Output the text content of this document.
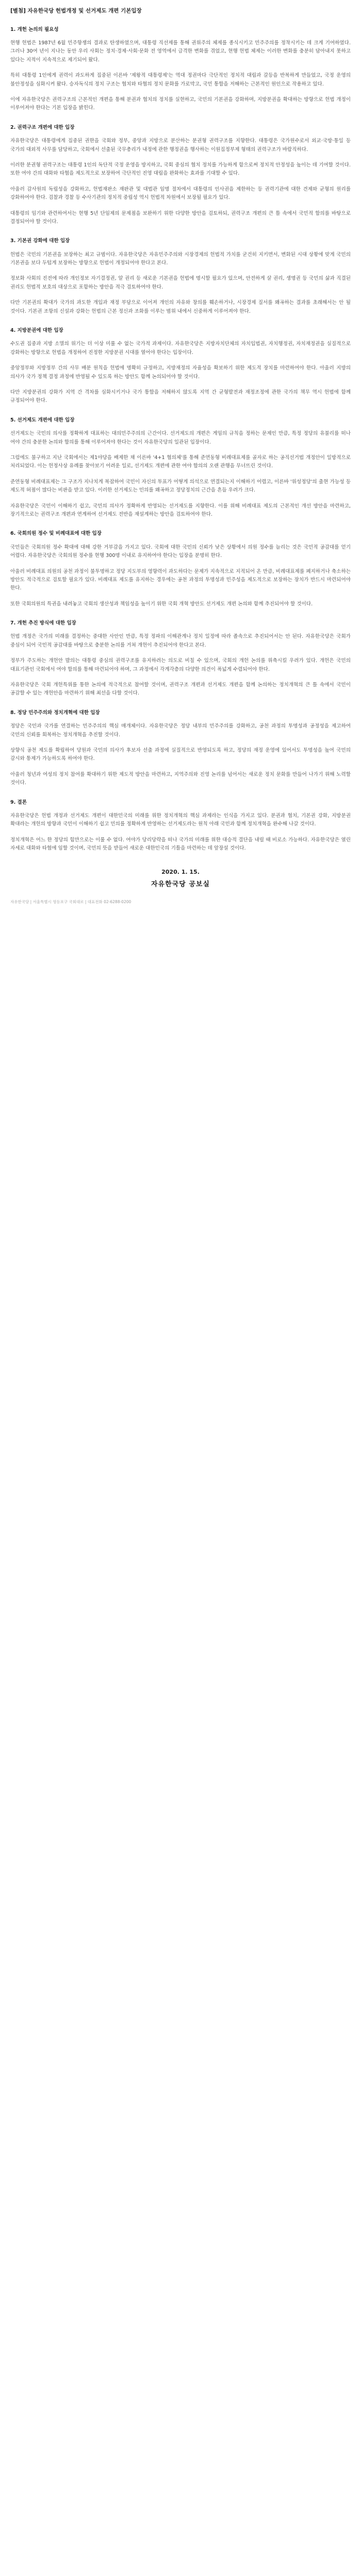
[별첨] 자유한국당 헌법개정 및 선거제도 개편 기본입장
1. 개헌 논의의 필요성

현행 헌법은 1987년 6월 민주항쟁의 결과로 탄생하였으며, 대통령 직선제를 통해 권위주의 체제를 종식시키고 민주주의를 정착시키는 데 크게 기여하였다. 그러나 30여 년이 지나는 동안 우리 사회는 정치·경제·사회·문화 전 영역에서 급격한 변화를 겪었고, 현행 헌법 체제는 이러한 변화를 충분히 담아내지 못하고 있다는 지적이 지속적으로 제기되어 왔다.

특히 대통령 1인에게 권력이 과도하게 집중된 이른바 '제왕적 대통령제'는 역대 정권마다 극단적인 정치적 대립과 갈등을 반복하게 만들었고, 국정 운영의 불안정성을 심화시켜 왔다. 승자독식의 정치 구조는 협치와 타협의 정치 문화를 가로막고, 국민 통합을 저해하는 근본적인 원인으로 작용하고 있다.

이에 자유한국당은 권력구조의 근본적인 개편을 통해 분권과 협치의 정치를 실현하고, 국민의 기본권을 강화하며, 지방분권을 확대하는 방향으로 헌법 개정이 이루어져야 한다는 기본 입장을 밝힌다.

2. 권력구조 개편에 대한 입장

자유한국당은 대통령에게 집중된 권한을 국회와 정부, 중앙과 지방으로 분산하는 분권형 권력구조를 지향한다. 대통령은 국가원수로서 외교·국방·통일 등 국가의 대외적 사무를 담당하고, 국회에서 선출된 국무총리가 내정에 관한 행정권을 행사하는 이원집정부제 형태의 권력구조가 바람직하다.

이러한 분권형 권력구조는 대통령 1인의 독단적 국정 운영을 방지하고, 국회 중심의 협치 정치를 가능하게 함으로써 정치적 안정성을 높이는 데 기여할 것이다. 또한 여야 간의 대화와 타협을 제도적으로 보장하여 극단적인 진영 대립을 완화하는 효과를 기대할 수 있다.

아울러 감사원의 독립성을 강화하고, 헌법재판소 재판관 및 대법관 임명 절차에서 대통령의 인사권을 제한하는 등 권력기관에 대한 견제와 균형의 원리를 강화하여야 한다. 검찰과 경찰 등 수사기관의 정치적 중립성 역시 헌법적 차원에서 보장될 필요가 있다.

대통령의 임기와 관련하여서는 현행 5년 단임제의 문제점을 보완하기 위한 다양한 방안을 검토하되, 권력구조 개편의 큰 틀 속에서 국민적 합의를 바탕으로 결정되어야 할 것이다.

3. 기본권 강화에 대한 입장

헌법은 국민의 기본권을 보장하는 최고 규범이다. 자유한국당은 자유민주주의와 시장경제의 헌법적 가치를 굳건히 지키면서, 변화된 시대 상황에 맞게 국민의 기본권을 보다 두텁게 보장하는 방향으로 헌법이 개정되어야 한다고 본다.

정보화 사회의 진전에 따라 개인정보 자기결정권, 알 권리 등 새로운 기본권을 헌법에 명시할 필요가 있으며, 안전하게 살 권리, 생명권 등 국민의 삶과 직결된 권리도 헌법적 보호의 대상으로 포함하는 방안을 적극 검토하여야 한다.

다만 기본권의 확대가 국가의 과도한 개입과 재정 부담으로 이어져 개인의 자유와 창의를 훼손하거나, 시장경제 질서를 왜곡하는 결과를 초래해서는 안 될 것이다. 기본권 조항의 신설과 강화는 헌법의 근본 정신과 조화를 이루는 범위 내에서 신중하게 이루어져야 한다.

4. 지방분권에 대한 입장

수도권 집중과 지방 소멸의 위기는 더 이상 미룰 수 없는 국가적 과제이다. 자유한국당은 지방자치단체의 자치입법권, 자치행정권, 자치재정권을 실질적으로 강화하는 방향으로 헌법을 개정하여 진정한 지방분권 시대를 열어야 한다는 입장이다.

중앙정부와 지방정부 간의 사무 배분 원칙을 헌법에 명확히 규정하고, 지방재정의 자율성을 확보하기 위한 제도적 장치를 마련하여야 한다. 아울러 지방의 의사가 국가 정책 결정 과정에 반영될 수 있도록 하는 방안도 함께 논의되어야 할 것이다.

다만 지방분권의 강화가 지역 간 격차를 심화시키거나 국가 통합을 저해하지 않도록 지역 간 균형발전과 재정조정에 관한 국가의 책무 역시 헌법에 함께 규정되어야 한다.

5. 선거제도 개편에 대한 입장

선거제도는 국민의 의사를 정확하게 대표하는 대의민주주의의 근간이다. 선거제도의 개편은 게임의 규칙을 정하는 문제인 만큼, 특정 정당의 유불리를 떠나 여야 간의 충분한 논의와 합의를 통해 이루어져야 한다는 것이 자유한국당의 일관된 입장이다.

그럼에도 불구하고 지난 국회에서는 제1야당을 배제한 채 이른바 '4+1 협의체'를 통해 준연동형 비례대표제를 골자로 하는 공직선거법 개정안이 일방적으로 처리되었다. 이는 헌정사상 유례를 찾아보기 어려운 일로, 선거제도 개편에 관한 여야 합의의 오랜 관행을 무너뜨린 것이다.

준연동형 비례대표제는 그 구조가 지나치게 복잡하여 국민이 자신의 투표가 어떻게 의석으로 연결되는지 이해하기 어렵고, 이른바 '위성정당'의 출현 가능성 등 제도적 허점이 많다는 비판을 받고 있다. 이러한 선거제도는 민의를 왜곡하고 정당정치의 근간을 흔들 우려가 크다.

자유한국당은 국민이 이해하기 쉽고, 국민의 의사가 정확하게 반영되는 선거제도를 지향한다. 이를 위해 비례대표 제도의 근본적인 개선 방안을 마련하고, 장기적으로는 권력구조 개편과 연계하여 선거제도 전반을 재설계하는 방안을 검토하여야 한다.

6. 국회의원 정수 및 비례대표에 대한 입장

국민들은 국회의원 정수 확대에 대해 강한 거부감을 가지고 있다. 국회에 대한 국민의 신뢰가 낮은 상황에서 의원 정수를 늘리는 것은 국민적 공감대를 얻기 어렵다. 자유한국당은 국회의원 정수를 현행 300명 이내로 유지하여야 한다는 입장을 분명히 한다.

아울러 비례대표 의원의 공천 과정이 불투명하고 정당 지도부의 영향력이 과도하다는 문제가 지속적으로 지적되어 온 만큼, 비례대표제를 폐지하거나 축소하는 방안도 적극적으로 검토할 필요가 있다. 비례대표 제도를 유지하는 경우에는 공천 과정의 투명성과 민주성을 제도적으로 보장하는 장치가 반드시 마련되어야 한다.

또한 국회의원의 특권을 내려놓고 국회의 생산성과 책임성을 높이기 위한 국회 개혁 방안도 선거제도 개편 논의와 함께 추진되어야 할 것이다.

7. 개헌 추진 방식에 대한 입장

헌법 개정은 국가의 미래를 결정하는 중대한 사안인 만큼, 특정 정파의 이해관계나 정치 일정에 따라 졸속으로 추진되어서는 안 된다. 자유한국당은 국회가 중심이 되어 국민적 공감대를 바탕으로 충분한 논의를 거쳐 개헌이 추진되어야 한다고 본다.

정부가 주도하는 개헌안 발의는 대통령 중심의 권력구조를 유지하려는 의도로 비칠 수 있으며, 국회의 개헌 논의를 위축시킬 우려가 있다. 개헌은 국민의 대표기관인 국회에서 여야 합의를 통해 마련되어야 하며, 그 과정에서 각계각층의 다양한 의견이 폭넓게 수렴되어야 한다.

자유한국당은 국회 개헌특위를 통한 논의에 적극적으로 참여할 것이며, 권력구조 개편과 선거제도 개편을 함께 논의하는 정치개혁의 큰 틀 속에서 국민이 공감할 수 있는 개헌안을 마련하기 위해 최선을 다할 것이다.

8. 정당 민주주의와 정치개혁에 대한 입장

정당은 국민과 국가를 연결하는 민주주의의 핵심 매개체이다. 자유한국당은 정당 내부의 민주주의를 강화하고, 공천 과정의 투명성과 공정성을 제고하여 국민의 신뢰를 회복하는 정치개혁을 추진할 것이다.

상향식 공천 제도를 확립하여 당원과 국민의 의사가 후보자 선출 과정에 실질적으로 반영되도록 하고, 정당의 재정 운영에 있어서도 투명성을 높여 국민의 감시와 통제가 가능하도록 하여야 한다.

아울러 청년과 여성의 정치 참여를 확대하기 위한 제도적 방안을 마련하고, 지역주의와 진영 논리를 넘어서는 새로운 정치 문화를 만들어 나가기 위해 노력할 것이다.

9. 결론

자유한국당은 헌법 개정과 선거제도 개편이 대한민국의 미래를 위한 정치개혁의 핵심 과제라는 인식을 가지고 있다. 분권과 협치, 기본권 강화, 지방분권 확대라는 개헌의 방향과 국민이 이해하기 쉽고 민의를 정확하게 반영하는 선거제도라는 원칙 아래 국민과 함께 정치개혁을 완수해 나갈 것이다.

정치개혁은 어느 한 정당의 힘만으로는 이룰 수 없다. 여야가 당리당략을 떠나 국가의 미래를 위한 대승적 결단을 내릴 때 비로소 가능하다. 자유한국당은 열린 자세로 대화와 타협에 임할 것이며, 국민의 뜻을 받들어 새로운 대한민국의 기틀을 마련하는 데 앞장설 것이다.

2020. 1. 15.
자유한국당 공보실
자유한국당 | 서울특별시 영등포구 국회대로 | 대표전화 02-6288-0200
